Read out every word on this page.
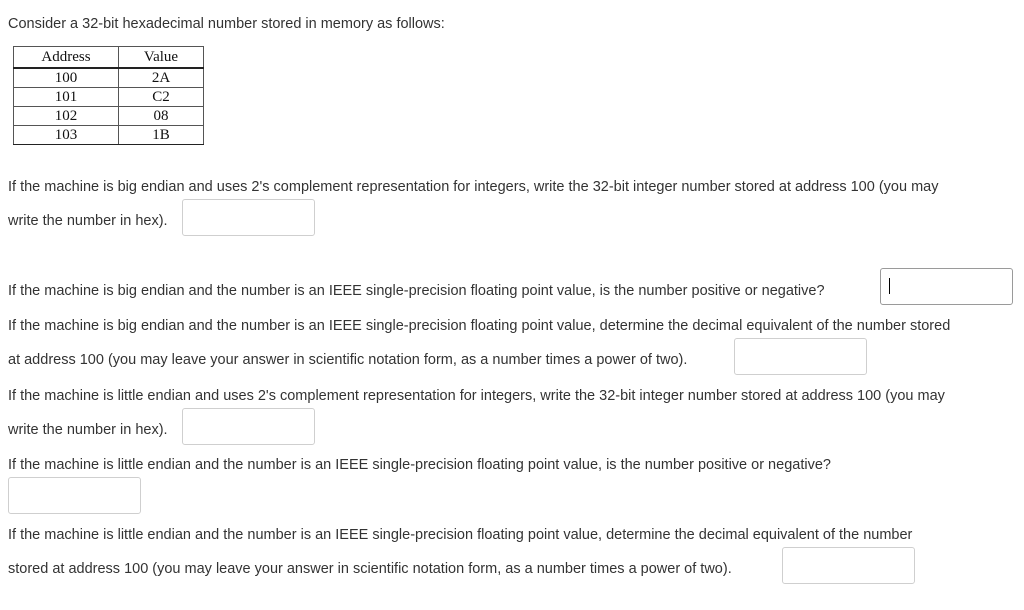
Consider a 32-bit hexadecimal number stored in memory as follows:
Address	Value
100	2A
101	C2
102	08
103	1B
If the machine is big endian and uses 2's complement representation for integers, write the 32-bit integer number stored at address 100 (you may
write the number in hex).
If the machine is big endian and the number is an IEEE single-precision floating point value, is the number positive or negative?
If the machine is big endian and the number is an IEEE single-precision floating point value, determine the decimal equivalent of the number stored
at address 100 (you may leave your answer in scientific notation form, as a number times a power of two).
If the machine is little endian and uses 2's complement representation for integers, write the 32-bit integer number stored at address 100 (you may
write the number in hex).
If the machine is little endian and the number is an IEEE single-precision floating point value, is the number positive or negative?
If the machine is little endian and the number is an IEEE single-precision floating point value, determine the decimal equivalent of the number
stored at address 100 (you may leave your answer in scientific notation form, as a number times a power of two).
